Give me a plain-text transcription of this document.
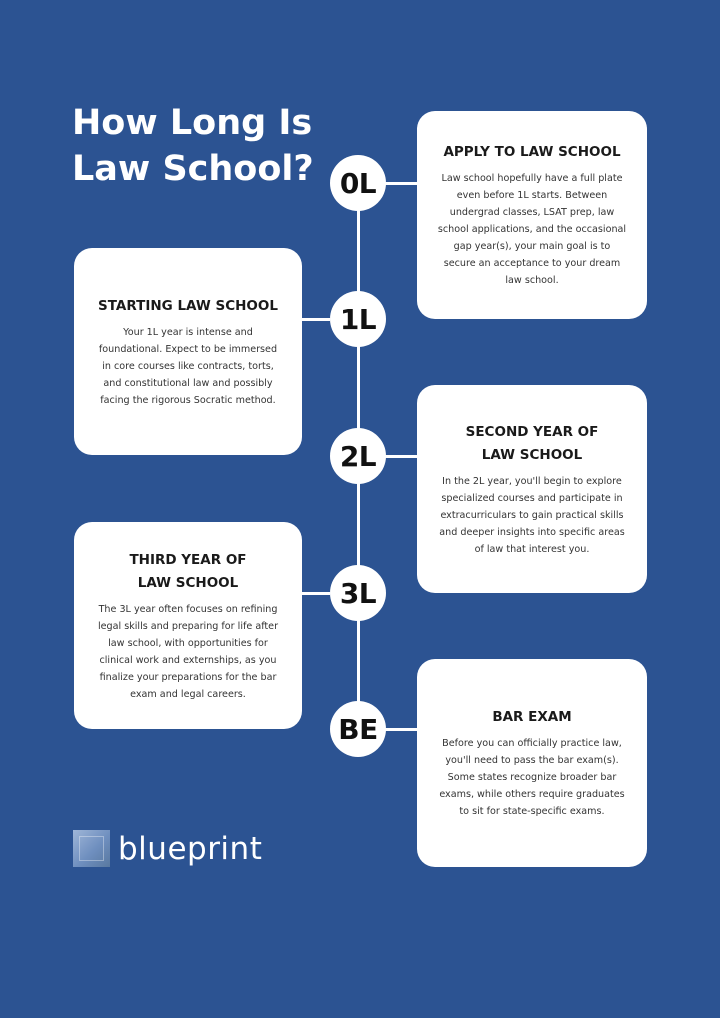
How Long Is Law School? 0L
APPLY TO LAW SCHOOL
Law school hopefully have a full plate even before 1L starts. Between undergrad classes, LSAT prep, law school applications, and the occasional gap year(s), your main goal is to secure an acceptance to your dream law school.
1L
STARTING LAW SCHOOL
Your 1L year is intense and foundational. Expect to be immersed in core courses like contracts, torts, and constitutional law and possibly facing the rigorous Socratic method.
2L
SECOND YEAR OF LAW SCHOOL
In the 2L year, you'll begin to explore specialized courses and participate in extracurriculars to gain practical skills and deeper insights into specific areas of law that interest you.
3L
THIRD YEAR OF LAW SCHOOL
The 3L year often focuses on refining legal skills and preparing for life after law school, with opportunities for clinical work and externships, as you finalize your preparations for the bar exam and legal careers.
BE	BAR EXAM
Before you can officially practice law, you'll need to pass the bar exam(s). Some states recognize broader bar exams, while others require graduates to sit for state-specific exams.
blueprint
